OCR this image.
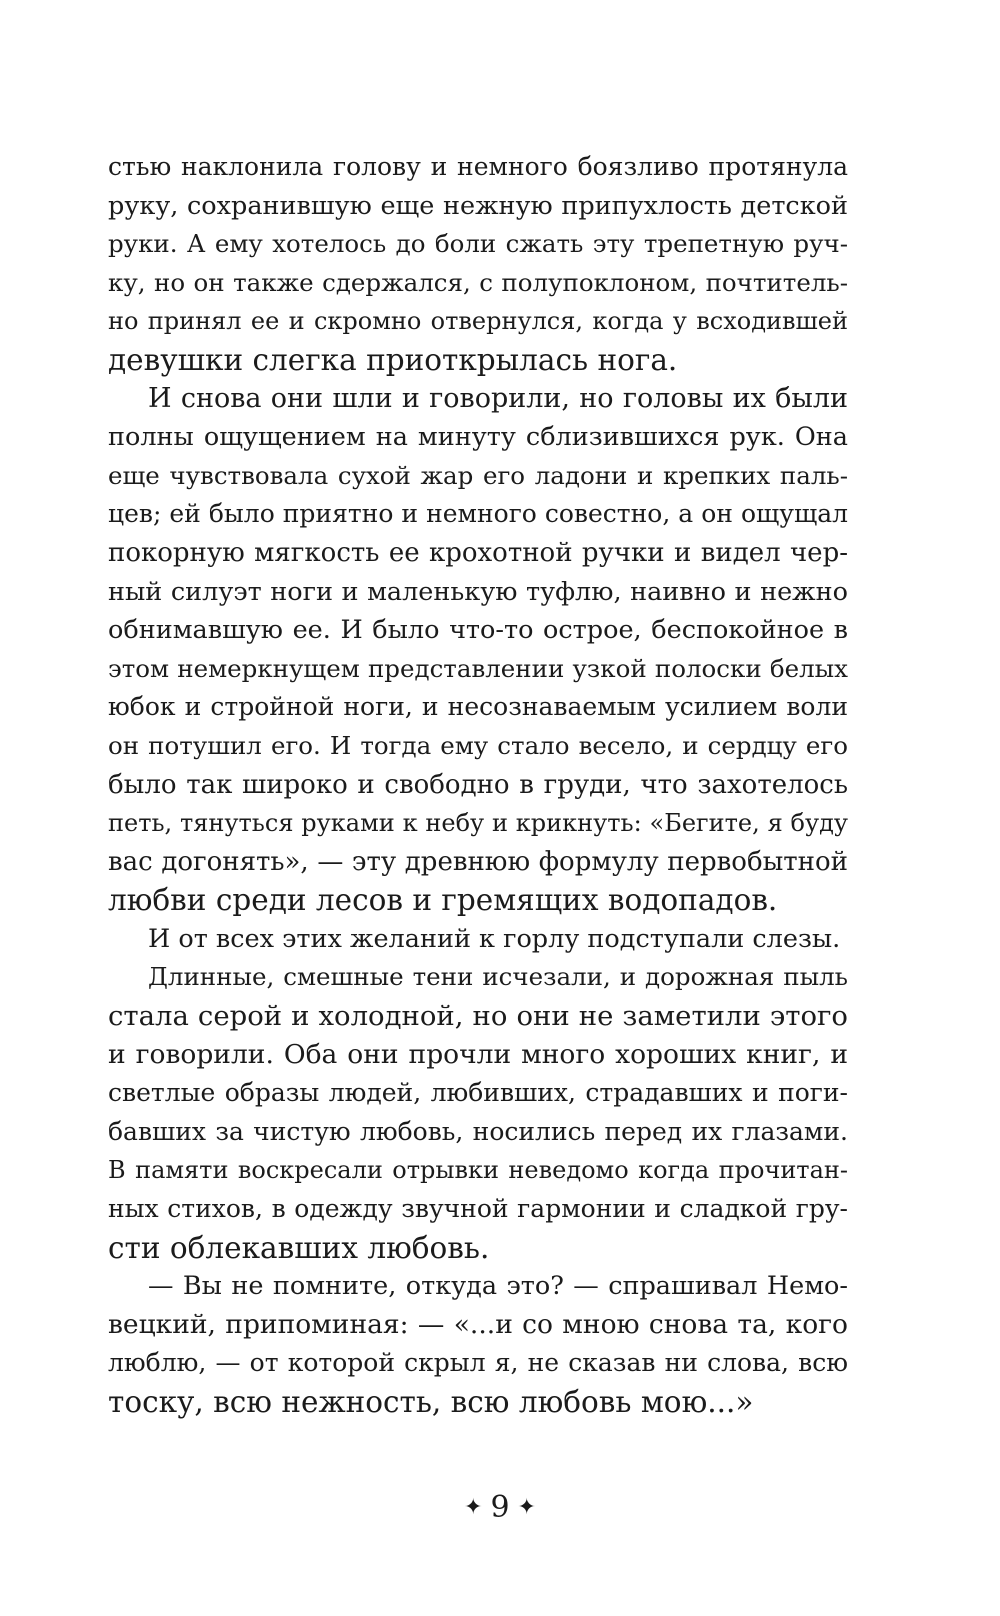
стью наклонила голову и немного боязливо протянула
руку, сохранившую еще нежную припухлость детской
руки. А ему хотелось до боли сжать эту трепетную руч-
ку, но он также сдержался, с полупоклоном, почтитель-
но принял ее и скромно отвернулся, когда у всходившей
девушки слегка приоткрылась нога.

И снова они шли и говорили, но головы их были
полны ощущением на минуту сблизившихся рук. Она
еще чувствовала сухой жар его ладони и крепких паль-
цев; ей было приятно и немного совестно, а он ощущал
покорную мягкость ее крохотной ручки и видел чер-
ный силуэт ноги и маленькую туфлю, наивно и нежно
обнимавшую ее. И было что-то острое, беспокойное в
этом немеркнущем представлении узкой полоски белых
юбок и стройной ноги, и несознаваемым усилием воли
он потушил его. И тогда ему стало весело, и сердцу его
было так широко и свободно в груди, что захотелось
петь, тянуться руками к небу и крикнуть: «Бегите, я буду
вас догонять», — эту древнюю формулу первобытной
любви среди лесов и гремящих водопадов.

И от всех этих желаний к горлу подступали слезы.

Длинные, смешные тени исчезали, и дорожная пыль
стала серой и холодной, но они не заметили этого
и говорили. Оба они прочли много хороших книг, и
светлые образы людей, любивших, страдавших и поги-
бавших за чистую любовь, носились перед их глазами.
В памяти воскресали отрывки неведомо когда прочитан-
ных стихов, в одежду звучной гармонии и сладкой гру-
сти облекавших любовь.

— Вы не помните, откуда это? — спрашивал Немо-
вецкий, припоминая: — «...и со мною снова та, кого
люблю, — от которой скрыл я, не сказав ни слова, всю
тоску, всю нежность, всю любовь мою...»

✦ 9 ✦
